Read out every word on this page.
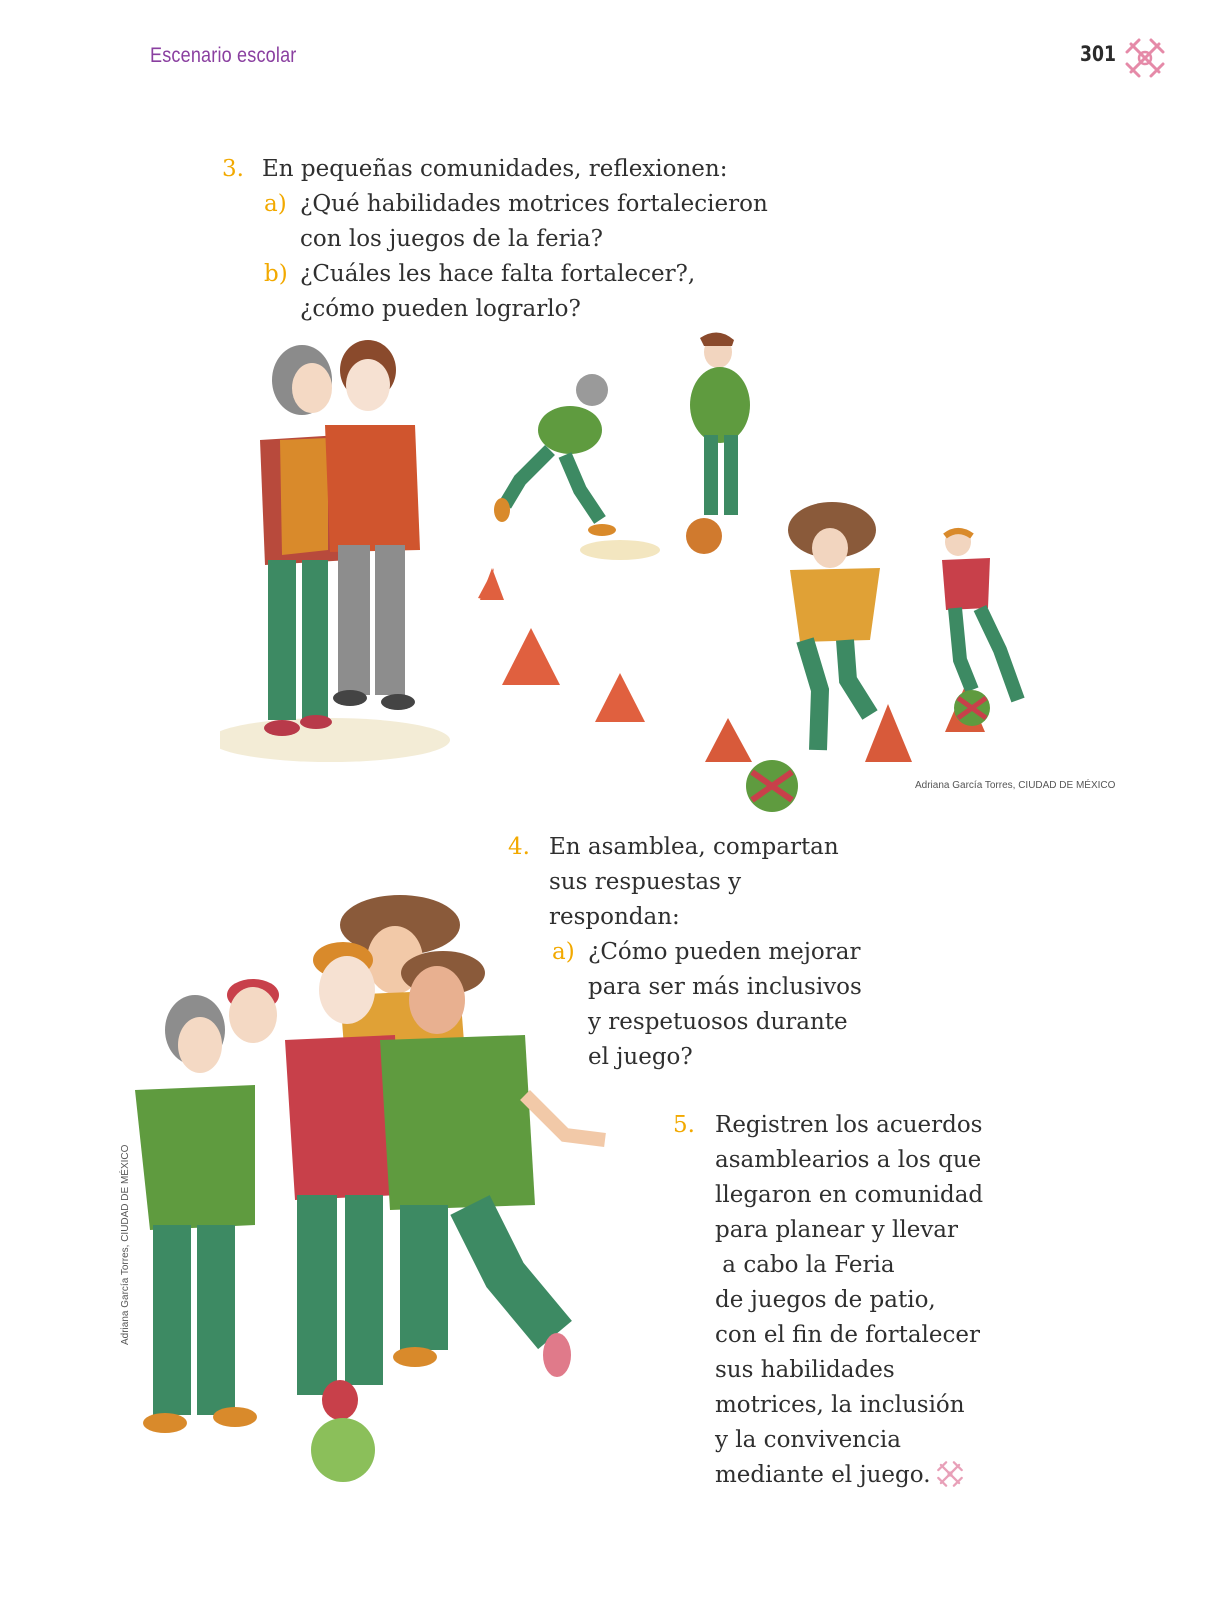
Escenario escolar	301
3. En pequeñas comunidades, reflexionen:
a) ¿Qué habilidades motrices fortalecieron
con los juegos de la feria?
b) ¿Cuáles les hace falta fortalecer?,
¿cómo pueden lograrlo?
Adriana García Torres, CIUDAD DE MÉXICO
4. En asamblea, compartan
sus respuestas y
respondan:
a) ¿Cómo pueden mejorar
para ser más inclusivos
y respetuosos durante
el juego?
Adriana García Torres, CIUDAD DE MÉXICO
5. Registren los acuerdos
asamblearios a los que
llegaron en comunidad
para planear y llevar
a cabo la Feria
de juegos de patio,
con el fin de fortalecer
sus habilidades
motrices, la inclusión
y la convivencia
mediante el juego.
